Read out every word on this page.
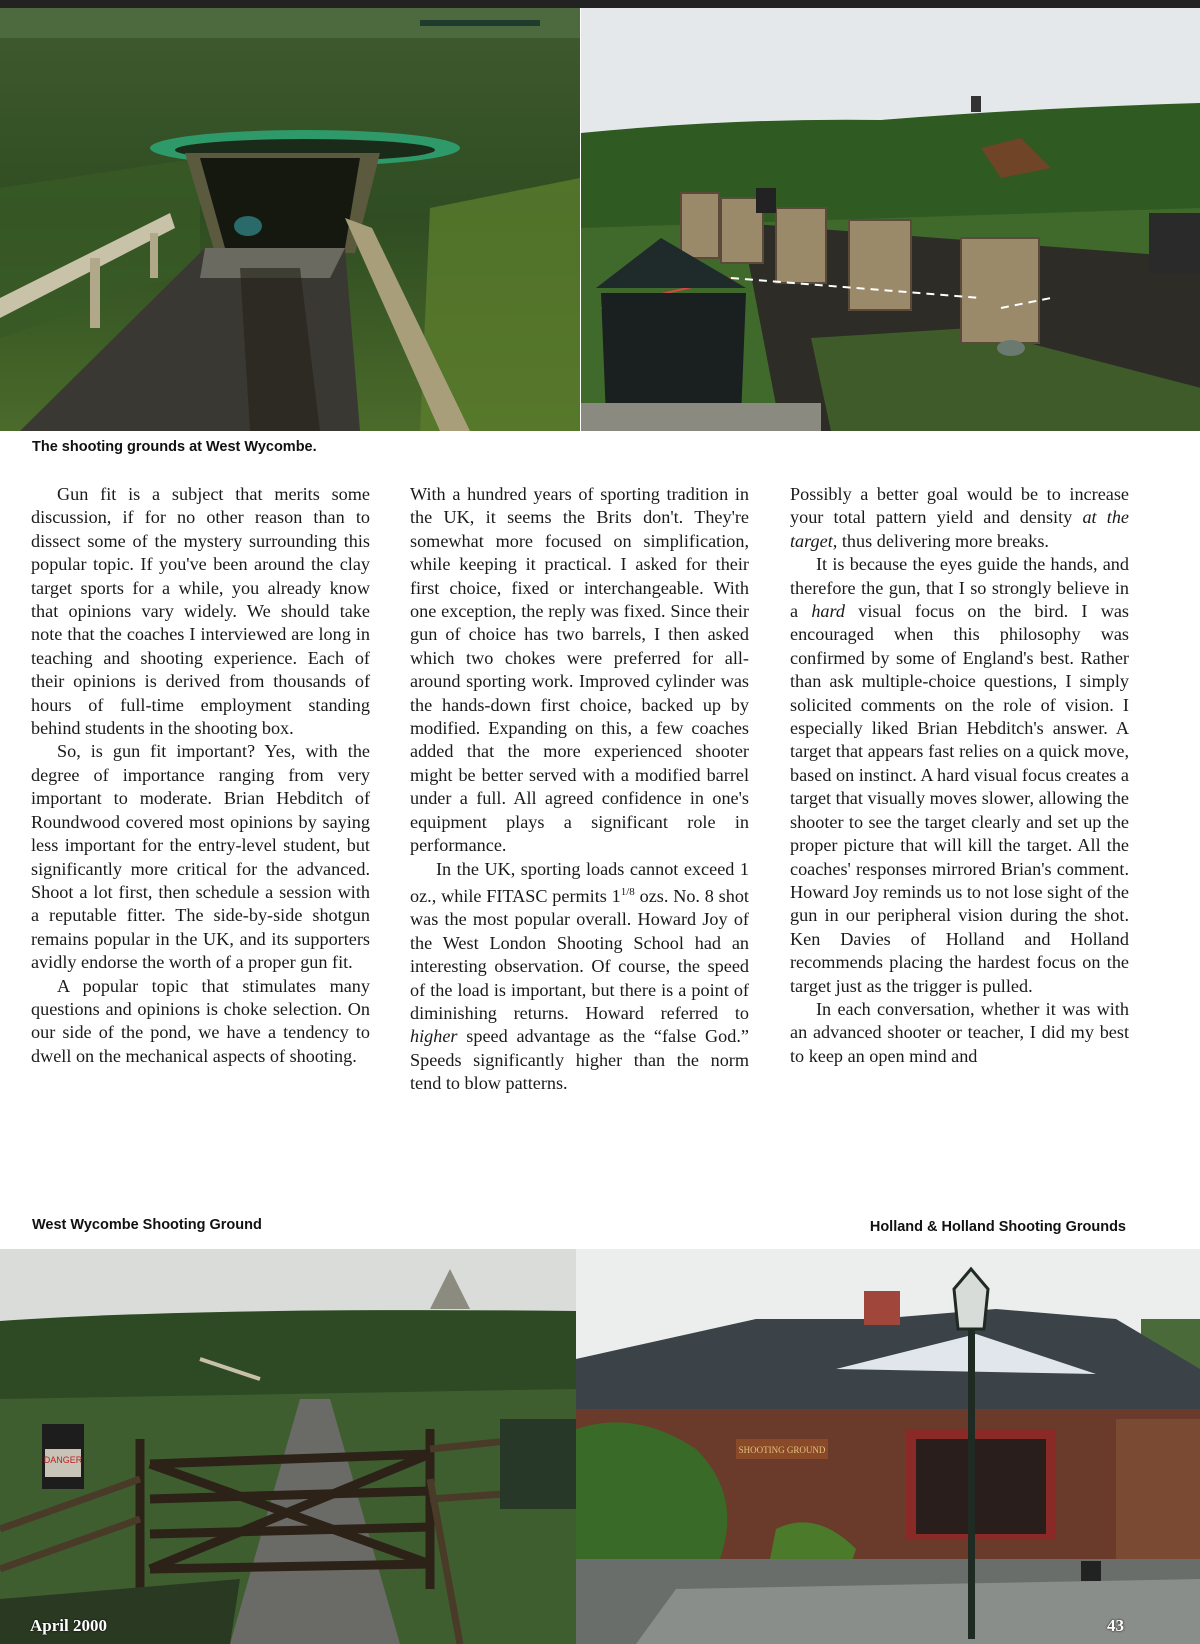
The shooting grounds at West Wycombe.

Gun fit is a subject that merits some discussion, if for no other reason than to dissect some of the mystery surrounding this popular topic. If you've been around the clay target sports for a while, you already know that opinions vary widely. We should take note that the coaches I interviewed are long in teaching and shooting experience. Each of their opinions is derived from thousands of hours of full-time employment standing behind students in the shooting box.

So, is gun fit important? Yes, with the degree of importance ranging from very important to moderate. Brian Hebditch of Roundwood covered most opinions by saying less important for the entry-level student, but significantly more critical for the advanced. Shoot a lot first, then schedule a session with a reputable fitter. The side-by-side shotgun remains popular in the UK, and its supporters avidly endorse the worth of a proper gun fit.

A popular topic that stimulates many questions and opinions is choke selection. On our side of the pond, we have a tendency to dwell on the mechanical aspects of shooting.

With a hundred years of sporting tradition in the UK, it seems the Brits don't. They're somewhat more focused on simplification, while keeping it practical. I asked for their first choice, fixed or interchangeable. With one exception, the reply was fixed. Since their gun of choice has two barrels, I then asked which two chokes were preferred for all-around sporting work. Improved cylinder was the hands-down first choice, backed up by modified. Expanding on this, a few coaches added that the more experienced shooter might be better served with a modified barrel under a full. All agreed confidence in one's equipment plays a significant role in performance.

In the UK, sporting loads cannot exceed 1 oz., while FITASC permits $1^{1/8}$ ozs. No. 8 shot was the most popular overall. Howard Joy of the West London Shooting School had an interesting observation. Of course, the speed of the load is important, but there is a point of diminishing returns. Howard referred to higher speed advantage as the “false God.” Speeds significantly higher than the norm tend to blow patterns.

Possibly a better goal would be to increase your total pattern yield and density at the target, thus delivering more breaks.

It is because the eyes guide the hands, and therefore the gun, that I so strongly believe in a hard visual focus on the bird. I was encouraged when this philosophy was confirmed by some of England's best. Rather than ask multiple-choice questions, I simply solicited comments on the role of vision. I especially liked Brian Hebditch's answer. A target that appears fast relies on a quick move, based on instinct. A hard visual focus creates a target that visually moves slower, allowing the shooter to see the target clearly and set up the proper picture that will kill the target. All the coaches' responses mirrored Brian's comment. Howard Joy reminds us to not lose sight of the gun in our peripheral vision during the shot. Ken Davies of Holland and Holland recommends placing the hardest focus on the target just as the trigger is pulled.

In each conversation, whether it was with an advanced shooter or teacher, I did my best to keep an open mind and

West Wycombe Shooting Ground	Holland & Holland Shooting Grounds
DANGER
SHOOTING GROUND
April 2000	43
